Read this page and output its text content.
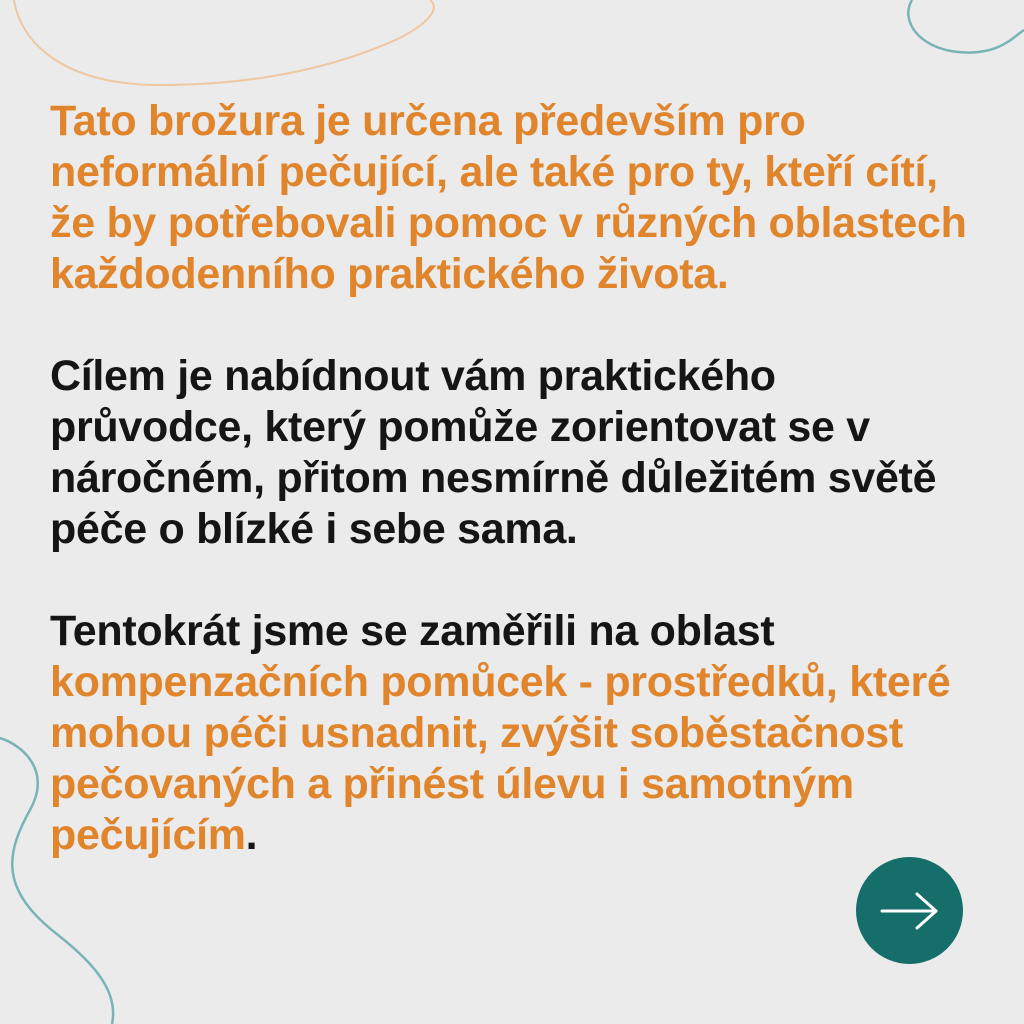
Tato brožura je určena především pro neformální pečující, ale také pro ty, kteří cítí, že by potřebovali pomoc v různých oblastech každodenního praktického života.

Cílem je nabídnout vám praktického průvodce, který pomůže zorientovat se v náročném, přitom nesmírně důležitém světě péče o blízké i sebe sama.

Tentokrát jsme se zaměřili na oblast kompenzačních pomůcek - prostředků, které mohou péči usnadnit, zvýšit soběstačnost pečovaných a přinést úlevu i samotným pečujícím.
